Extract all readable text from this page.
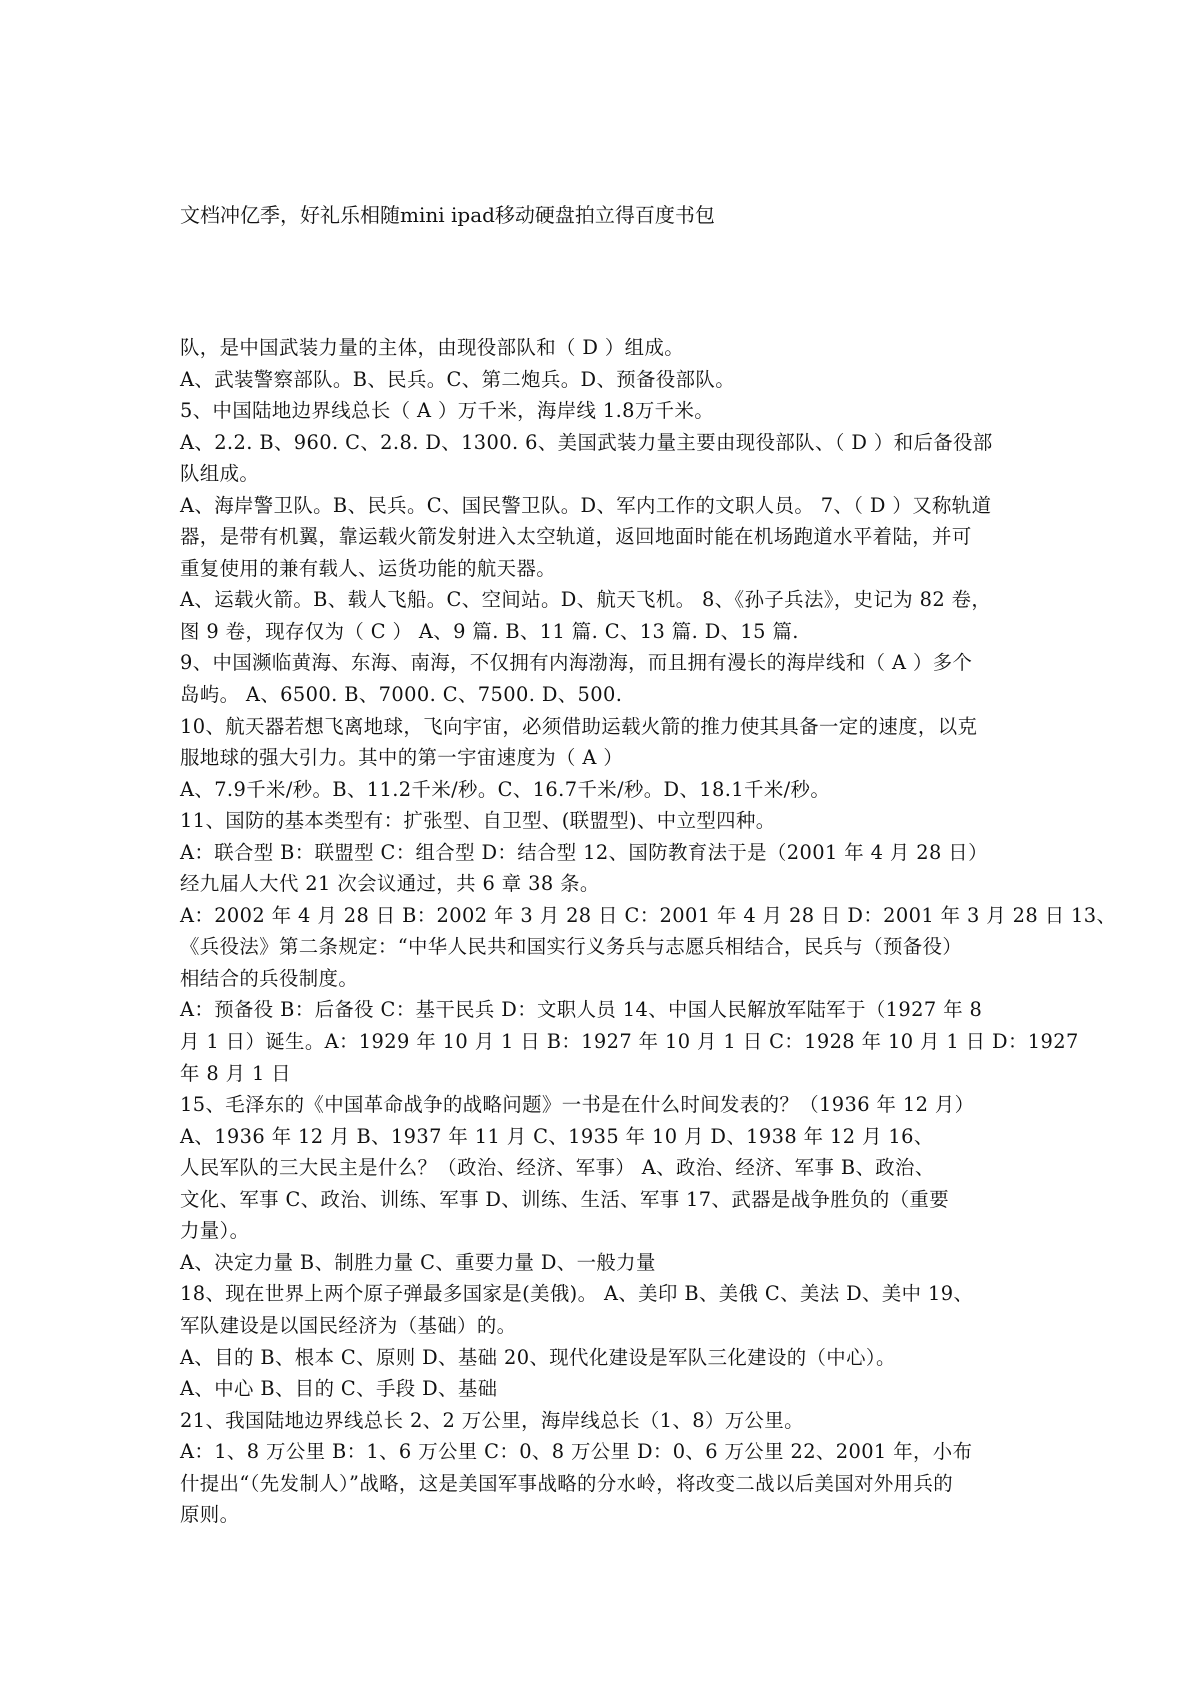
文档冲亿季，好礼乐相随mini ipad移动硬盘拍立得百度书包
队，是中国武装力量的主体，由现役部队和（ D ）组成。
A、武装警察部队。B、民兵。C、第二炮兵。D、预备役部队。
5、中国陆地边界线总长（ A ）万千米，海岸线 1.8万千米。
A、2.2. B、960. C、2.8. D、1300. 6、美国武装力量主要由现役部队、（ D ）和后备役部
队组成。
A、海岸警卫队。B、民兵。C、国民警卫队。D、军内工作的文职人员。 7、（ D ）又称轨道
器，是带有机翼，靠运载火箭发射进入太空轨道，返回地面时能在机场跑道水平着陆，并可
重复使用的兼有载人、运货功能的航天器。
A、运载火箭。B、载人飞船。C、空间站。D、航天飞机。 8、《孙子兵法》，史记为 82 卷，
图 9 卷，现存仅为（ C ） A、9 篇. B、11 篇. C、13 篇. D、15 篇.
9、中国濒临黄海、东海、南海，不仅拥有内海渤海，而且拥有漫长的海岸线和（ A ）多个
岛屿。 A、6500. B、7000. C、7500. D、500.
10、航天器若想飞离地球，飞向宇宙，必须借助运载火箭的推力使其具备一定的速度，以克
服地球的强大引力。其中的第一宇宙速度为（ A ）
A、7.9千米/秒。B、11.2千米/秒。C、16.7千米/秒。D、18.1千米/秒。
11、国防的基本类型有：扩张型、自卫型、(联盟型)、中立型四种。
A：联合型 B：联盟型 C：组合型 D：结合型 12、国防教育法于是（2001 年 4 月 28 日）
经九届人大代 21 次会议通过，共 6 章 38 条。
A：2002 年 4 月 28 日 B：2002 年 3 月 28 日 C：2001 年 4 月 28 日 D：2001 年 3 月 28 日 13、
《兵役法》第二条规定：“中华人民共和国实行义务兵与志愿兵相结合，民兵与（预备役）
相结合的兵役制度。
A：预备役 B：后备役 C：基干民兵 D：文职人员 14、中国人民解放军陆军于（1927 年 8
月 1 日）诞生。A：1929 年 10 月 1 日 B：1927 年 10 月 1 日 C：1928 年 10 月 1 日 D：1927
年 8 月 1 日
15、毛泽东的《中国革命战争的战略问题》一书是在什么时间发表的？（1936 年 12 月）
A、1936 年 12 月 B、1937 年 11 月 C、1935 年 10 月 D、1938 年 12 月 16、
人民军队的三大民主是什么？（政治、经济、军事） A、政治、经济、军事 B、政治、
文化、军事 C、政治、训练、军事 D、训练、生活、军事 17、武器是战争胜负的（重要
力量）。
A、决定力量 B、制胜力量 C、重要力量 D、一般力量
18、现在世界上两个原子弹最多国家是(美俄)。 A、美印 B、美俄 C、美法 D、美中 19、
军队建设是以国民经济为（基础）的。
A、目的 B、根本 C、原则 D、基础 20、现代化建设是军队三化建设的（中心）。
A、中心 B、目的 C、手段 D、基础
21、我国陆地边界线总长 2、2 万公里，海岸线总长（1、8）万公里。
A：1、8 万公里 B：1、6 万公里 C：0、8 万公里 D：0、6 万公里 22、2001 年，小布
什提出“（先发制人）”战略，这是美国军事战略的分水岭，将改变二战以后美国对外用兵的
原则。
